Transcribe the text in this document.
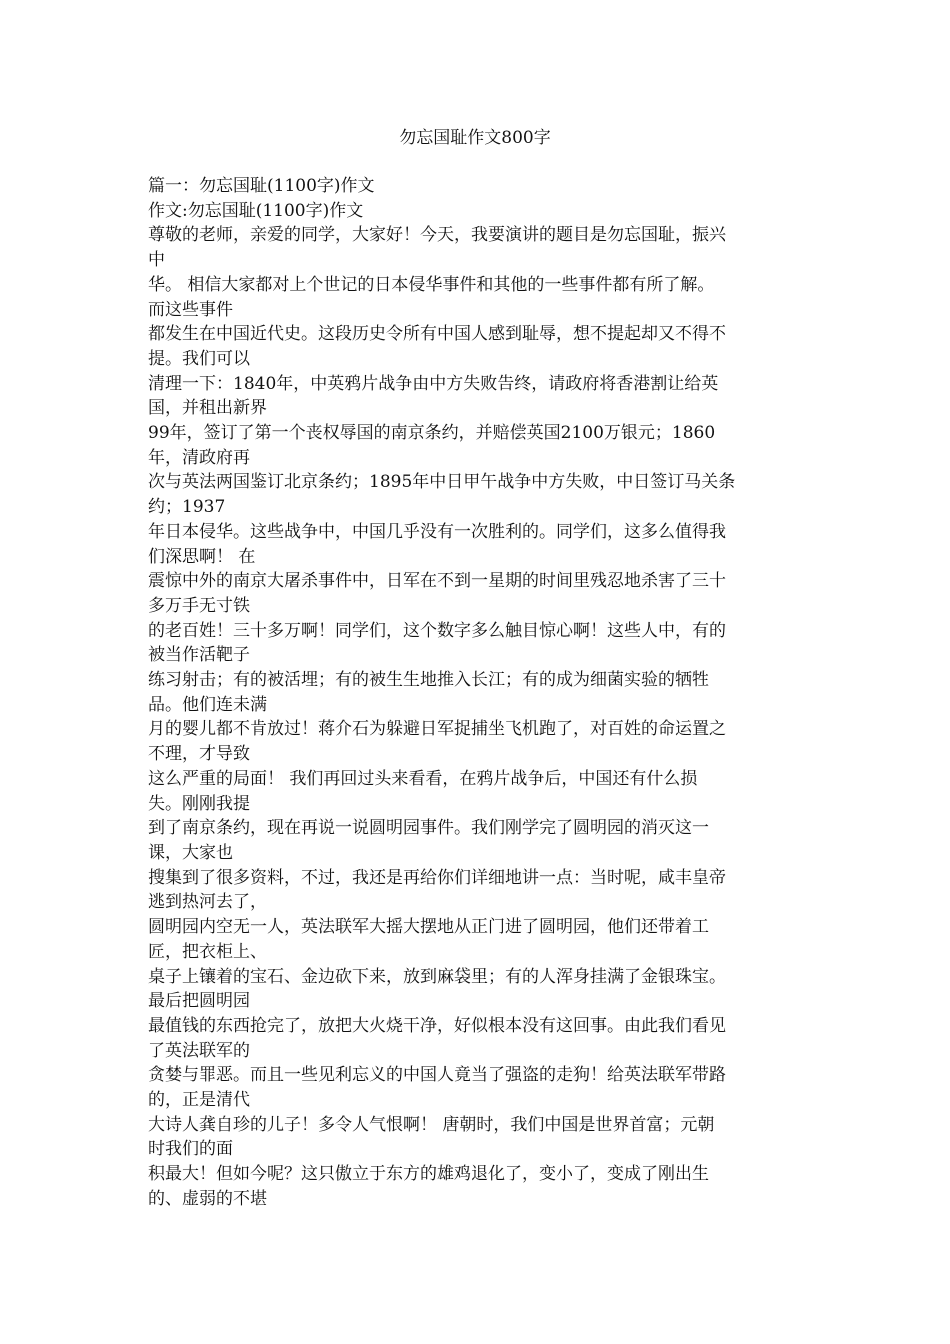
勿忘国耻作文800字
篇一：勿忘国耻(1100字)作文
作文:勿忘国耻(1100字)作文
尊敬的老师，亲爱的同学，大家好！今天，我要演讲的题目是勿忘国耻，振兴
中
华。 相信大家都对上个世记的日本侵华事件和其他的一些事件都有所了解。
而这些事件
都发生在中国近代史。这段历史令所有中国人感到耻辱，想不提起却又不得不
提。我们可以
清理一下：1840年，中英鸦片战争由中方失败告终，请政府将香港割让给英
国，并租出新界
99年，签订了第一个丧权辱国的南京条约，并赔偿英国2100万银元；1860
年，清政府再
次与英法两国鉴订北京条约；1895年中日甲午战争中方失败，中日签订马关条
约；1937
年日本侵华。这些战争中，中国几乎没有一次胜利的。同学们，这多么值得我
们深思啊！ 在
震惊中外的南京大屠杀事件中，日军在不到一星期的时间里残忍地杀害了三十
多万手无寸铁
的老百姓！三十多万啊！同学们，这个数字多么触目惊心啊！这些人中，有的
被当作活靶子
练习射击；有的被活埋；有的被生生地推入长江；有的成为细菌实验的牺牲
品。他们连未满
月的婴儿都不肯放过！蒋介石为躲避日军捉捕坐飞机跑了，对百姓的命运置之
不理，才导致
这么严重的局面！ 我们再回过头来看看，在鸦片战争后，中国还有什么损
失。刚刚我提
到了南京条约，现在再说一说圆明园事件。我们刚学完了圆明园的消灭这一
课，大家也
搜集到了很多资料，不过，我还是再给你们详细地讲一点：当时呢，咸丰皇帝
逃到热河去了，
圆明园内空无一人，英法联军大摇大摆地从正门进了圆明园，他们还带着工
匠，把衣柜上、
桌子上镶着的宝石、金边砍下来，放到麻袋里；有的人浑身挂满了金银珠宝。
最后把圆明园
最值钱的东西抢完了，放把大火烧干净，好似根本没有这回事。由此我们看见
了英法联军的
贪婪与罪恶。而且一些见利忘义的中国人竟当了强盗的走狗！给英法联军带路
的，正是清代
大诗人龚自珍的儿子！多令人气恨啊！ 唐朝时，我们中国是世界首富；元朝
时我们的面
积最大！但如今呢？这只傲立于东方的雄鸡退化了，变小了，变成了刚出生
的、虚弱的不堪
